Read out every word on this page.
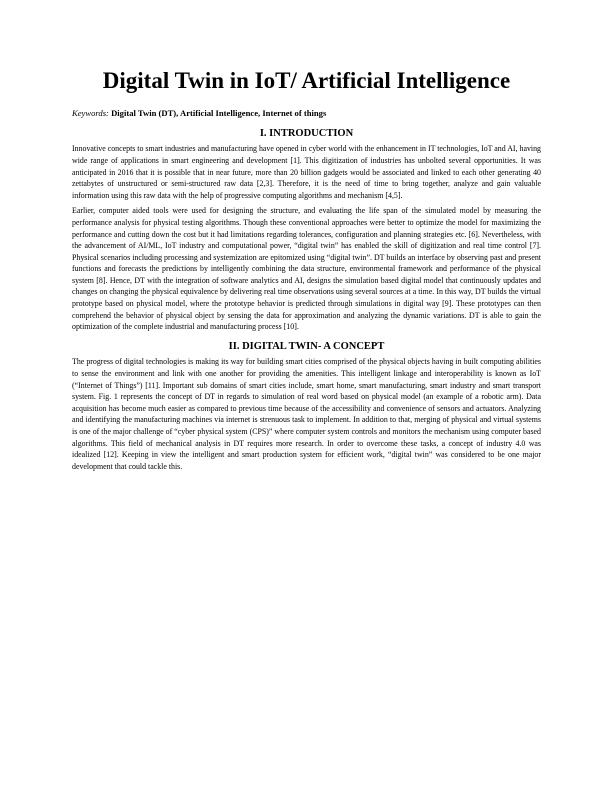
Digital Twin in IoT/ Artificial Intelligence

Keywords: Digital Twin (DT), Artificial Intelligence, Internet of things

I. INTRODUCTION

Innovative concepts to smart industries and manufacturing have opened in cyber world with the enhancement in IT technologies, IoT and AI, having wide range of applications in smart engineering and development [1]. This digitization of industries has unbolted several opportunities. It was anticipated in 2016 that it is possible that in near future, more than 20 billion gadgets would be associated and linked to each other generating 40 zettabytes of unstructured or semi-structured raw data [2,3]. Therefore, it is the need of time to bring together, analyze and gain valuable information using this raw data with the help of progressive computing algorithms and mechanism [4,5].

Earlier, computer aided tools were used for designing the structure, and evaluating the life span of the simulated model by measuring the performance analysis for physical testing algorithms. Though these conventional approaches were better to optimize the model for maximizing the performance and cutting down the cost but it had limitations regarding tolerances, configuration and planning strategies etc. [6]. Nevertheless, with the advancement of AI/ML, IoT industry and computational power, “digital twin” has enabled the skill of digitization and real time control [7]. Physical scenarios including processing and systemization are epitomized using “digital twin”. DT builds an interface by observing past and present functions and forecasts the predictions by intelligently combining the data structure, environmental framework and performance of the physical system [8]. Hence, DT with the integration of software analytics and AI, designs the simulation based digital model that continuously updates and changes on changing the physical equivalence by delivering real time observations using several sources at a time. In this way, DT builds the virtual prototype based on physical model, where the prototype behavior is predicted through simulations in digital way [9]. These prototypes can then comprehend the behavior of physical object by sensing the data for approximation and analyzing the dynamic variations. DT is able to gain the optimization of the complete industrial and manufacturing process [10].

II. DIGITAL TWIN- A CONCEPT

The progress of digital technologies is making its way for building smart cities comprised of the physical objects having in built computing abilities to sense the environment and link with one another for providing the amenities. This intelligent linkage and interoperability is known as IoT (“Internet of Things”) [11]. Important sub domains of smart cities include, smart home, smart manufacturing, smart industry and smart transport system. Fig. 1 represents the concept of DT in regards to simulation of real word based on physical model (an example of a robotic arm). Data acquisition has become much easier as compared to previous time because of the accessibility and convenience of sensors and actuators. Analyzing and identifying the manufacturing machines via internet is strenuous task to implement. In addition to that, merging of physical and virtual systems is one of the major challenge of “cyber physical system (CPS)” where computer system controls and monitors the mechanism using computer based algorithms. This field of mechanical analysis in DT requires more research. In order to overcome these tasks, a concept of industry 4.0 was idealized [12]. Keeping in view the intelligent and smart production system for efficient work, “digital twin” was considered to be one major development that could tackle this.
